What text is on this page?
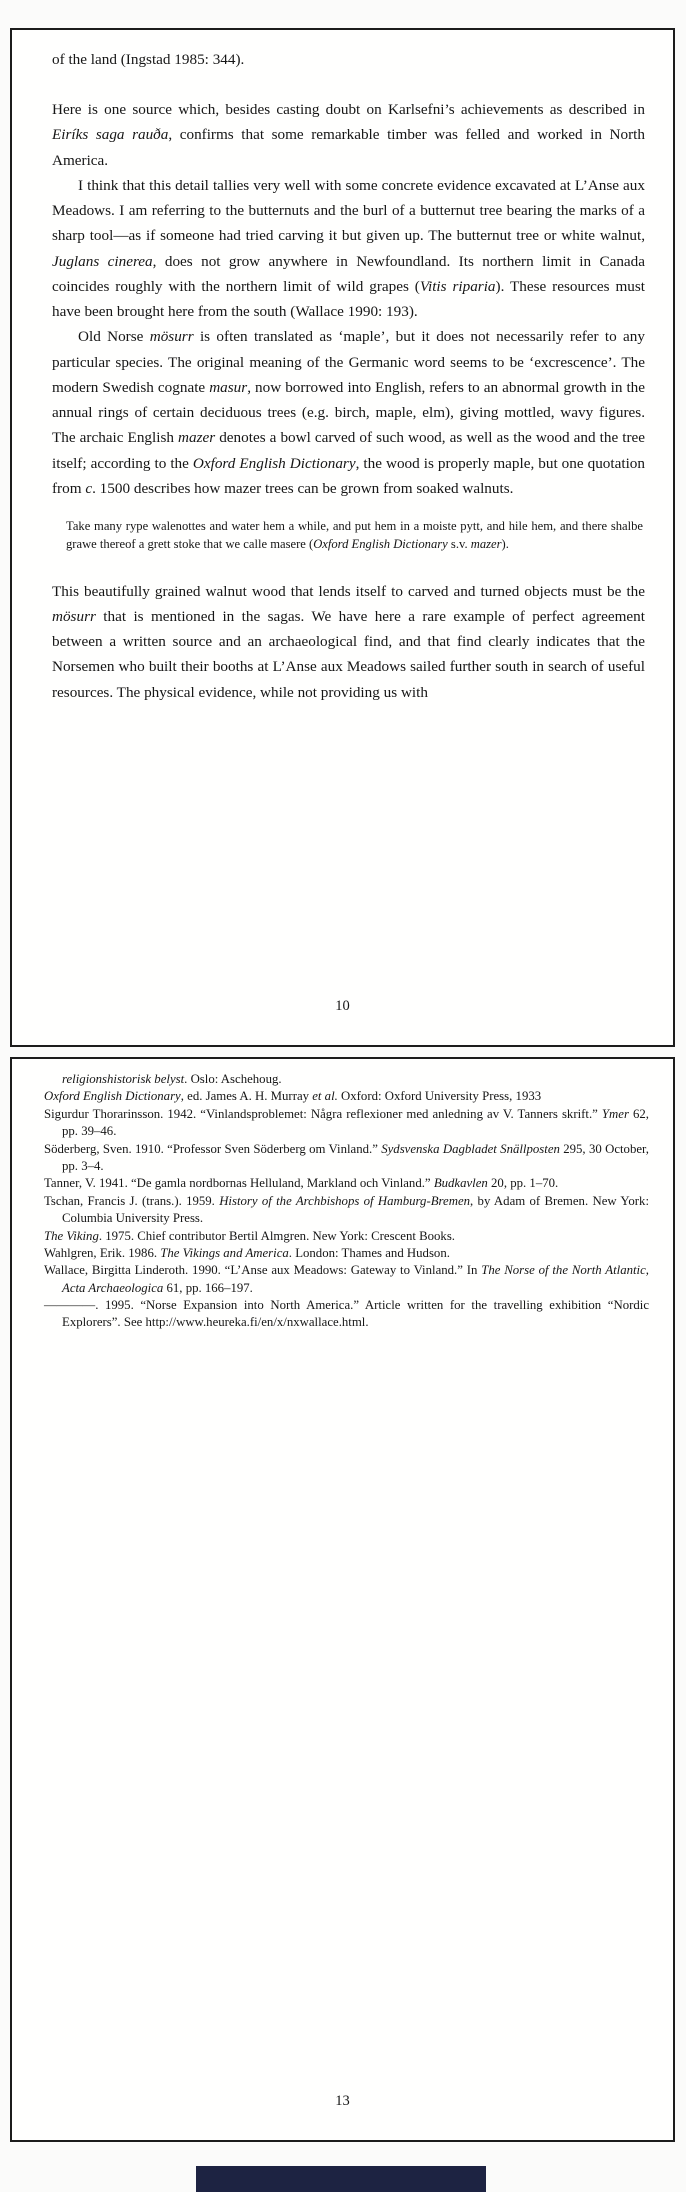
of the land (Ingstad 1985: 344).
Here is one source which, besides casting doubt on Karlsefni’s achievements as described in Eiríks saga rauða, confirms that some remarkable timber was felled and worked in North America.
I think that this detail tallies very well with some concrete evidence excavated at L’Anse aux Meadows. I am referring to the butternuts and the burl of a butternut tree bearing the marks of a sharp tool—as if someone had tried carving it but given up. The butternut tree or white walnut, Juglans cinerea, does not grow anywhere in Newfoundland. Its northern limit in Canada coincides roughly with the northern limit of wild grapes (Vitis riparia). These resources must have been brought here from the south (Wallace 1990: 193).
Old Norse mösurr is often translated as ‘maple’, but it does not necessarily refer to any particular species. The original meaning of the Germanic word seems to be ‘excrescence’. The modern Swedish cognate masur, now borrowed into English, refers to an abnormal growth in the annual rings of certain deciduous trees (e.g. birch, maple, elm), giving mottled, wavy figures. The archaic English mazer denotes a bowl carved of such wood, as well as the wood and the tree itself; according to the Oxford English Dictionary, the wood is properly maple, but one quotation from c. 1500 describes how mazer trees can be grown from soaked walnuts.
Take many rype walenottes and water hem a while, and put hem in a moiste pytt, and hile hem, and there shalbe grawe thereof a grett stoke that we calle masere (Oxford English Dictionary s.v. mazer).
This beautifully grained walnut wood that lends itself to carved and turned objects must be the mösurr that is mentioned in the sagas. We have here a rare example of perfect agreement between a written source and an archaeological find, and that find clearly indicates that the Norsemen who built their booths at L’Anse aux Meadows sailed further south in search of useful resources. The physical evidence, while not providing us with
10
religionshistorisk belyst. Oslo: Aschehoug.
Oxford English Dictionary, ed. James A. H. Murray et al. Oxford: Oxford University Press, 1933
Sigurdur Thorarinsson. 1942. “Vinlandsproblemet: Några reflexioner med anledning av V. Tanners skrift.” Ymer 62, pp. 39–46.
Söderberg, Sven. 1910. “Professor Sven Söderberg om Vinland.” Sydsvenska Dagbladet Snällposten 295, 30 October, pp. 3–4.
Tanner, V. 1941. “De gamla nordbornas Helluland, Markland och Vinland.” Budkavlen 20, pp. 1–70.
Tschan, Francis J. (trans.). 1959. History of the Archbishops of Hamburg-Bremen, by Adam of Bremen. New York: Columbia University Press.
The Viking. 1975. Chief contributor Bertil Almgren. New York: Crescent Books.
Wahlgren, Erik. 1986. The Vikings and America. London: Thames and Hudson.
Wallace, Birgitta Linderoth. 1990. “L’Anse aux Meadows: Gateway to Vinland.” In The Norse of the North Atlantic, Acta Archaeologica 61, pp. 166–197.
————. 1995. “Norse Expansion into North America.” Article written for the travelling exhibition “Nordic Explorers”. See http://www.heureka.fi/en/x/nxwallace.html.
13
